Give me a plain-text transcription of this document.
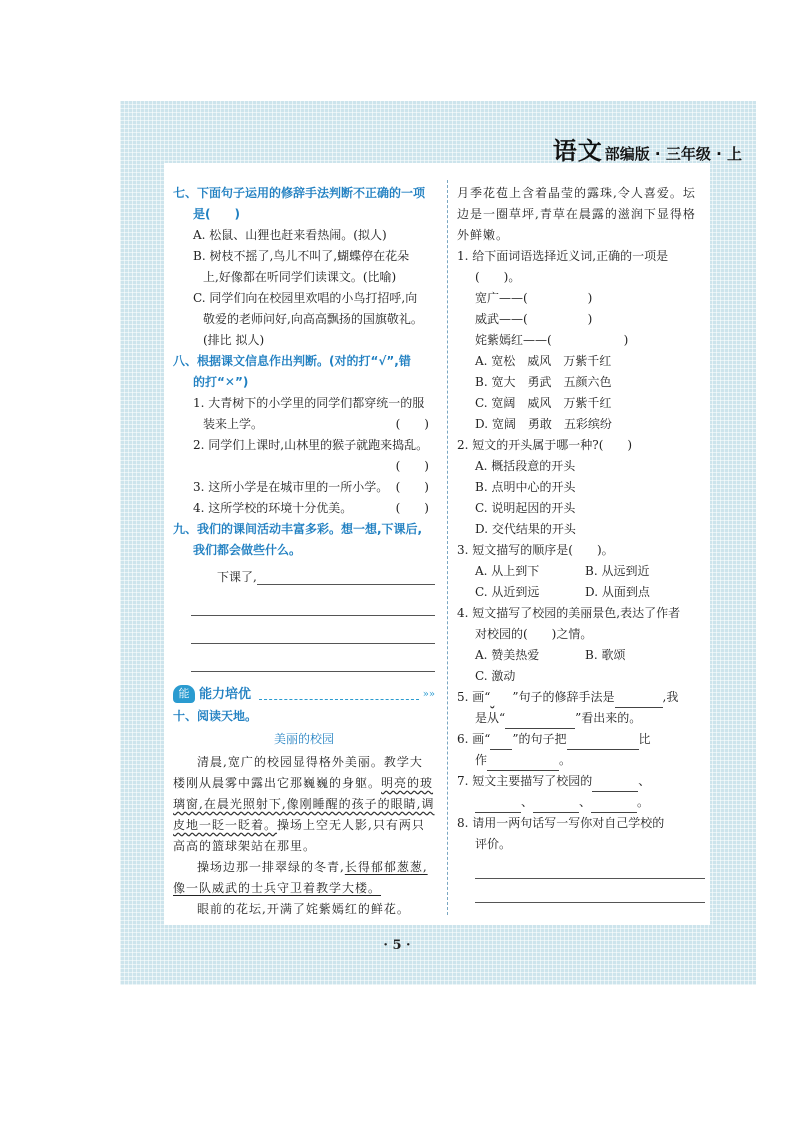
语文 部编版 · 三年级 · 上
七、下面句子运用的修辞手法判断不正确的一项
是(　　)
A. 松鼠、山狸也赶来看热闹。(拟人)
B. 树枝不摇了,鸟儿不叫了,蝴蝶停在花朵
上,好像都在听同学们读课文。(比喻)
C. 同学们向在校园里欢唱的小鸟打招呼,向
敬爱的老师问好,向高高飘扬的国旗敬礼。
(排比 拟人)
八、根据课文信息作出判断。(对的打“√”,错
的打“✕”)
1. 大青树下的小学里的同学们都穿统一的服
装来上学。	(　　)
2. 同学们上课时,山林里的猴子就跑来捣乱。
(　　)
3. 这所小学是在城市里的一所小学。 (　　)
4. 这所学校的环境十分优美。	(　　)
九、我们的课间活动丰富多彩。想一想,下课后,
我们都会做些什么。
下课了,
能 能力培优	»»
十、阅读天地。
美丽的校园
清晨,宽广的校园显得格外美丽。教学大楼刚从晨雾中露出它那巍巍的身躯。明亮的玻璃窗,在晨光照射下,像刚睡醒的孩子的眼睛,调皮地一眨一眨着。操场上空无人影,只有两只高高的篮球架站在那里。
操场边那一排翠绿的冬青,长得郁郁葱葱,像一队威武的士兵守卫着教学大楼。
眼前的花坛,开满了姹紫嫣红的鲜花。
月季花苞上含着晶莹的露珠,令人喜爱。坛边是一圈草坪,青草在晨露的滋润下显得格外鲜嫩。
1. 给下面词语选择近义词,正确的一项是
(　　)。
宽广——(　　　　　)
威武——(　　　　　)
姹紫嫣红——(　　　　　　)
A. 宽松　威风　万紫千红
B. 宽大　勇武　五颜六色
C. 宽阔　威风　万紫千红
D. 宽阔　勇敢　五彩缤纷
2. 短文的开头属于哪一种?(　　)
A. 概括段意的开头
B. 点明中心的开头
C. 说明起因的开头
D. 交代结果的开头
3. 短文描写的顺序是(　　)。
A. 从上到下	B. 从远到近
C. 从近到远	D. 从面到点
4. 短文描写了校园的美丽景色,表达了作者
对校园的(　　)之情。
A. 赞美热爱	B. 歌颂
C. 激动
5. 画“ ”句子的修辞手法是	,我
是从“	”看出来的。
6. 画“ ”的句子把	比
作	。
7. 短文主要描写了校园的	、
、	、	。
8. 请用一两句话写一写你对自己学校的
评价。
· 5 ·
